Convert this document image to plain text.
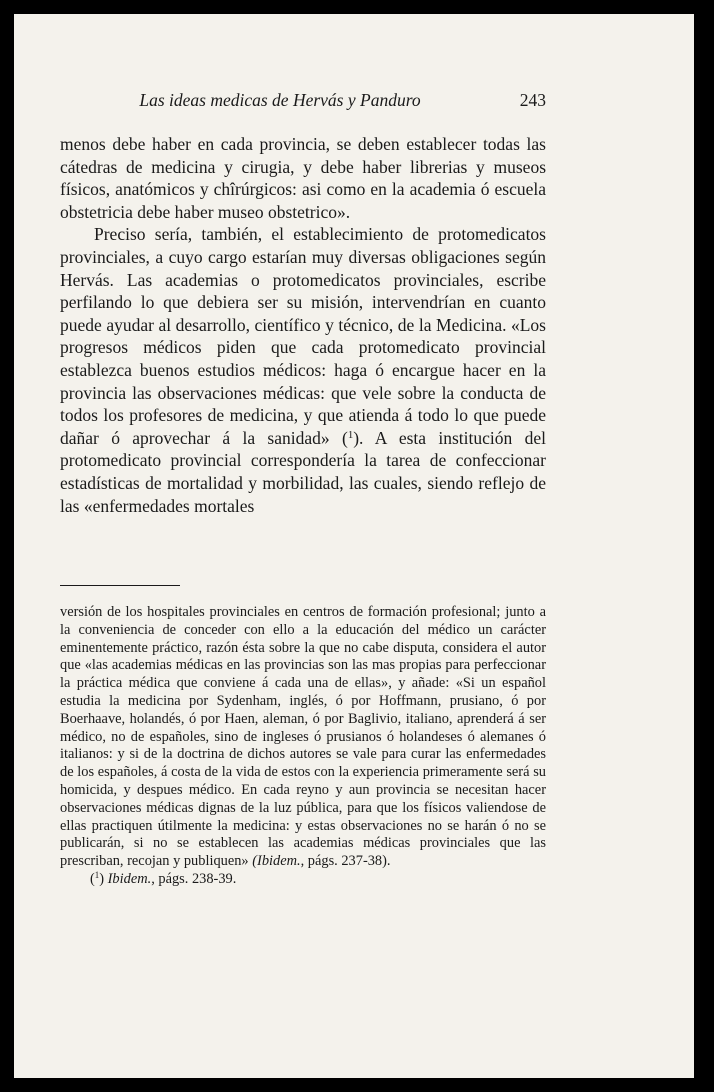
Las ideas medicas de Hervás y Panduro	243

menos debe haber en cada provincia, se deben establecer todas las cátedras de medicina y cirugia, y debe haber librerias y museos físicos, anatómicos y chîrúrgicos: asi como en la academia ó escuela obstetricia debe haber museo obstetrico».

Preciso sería, también, el establecimiento de protomedicatos provinciales, a cuyo cargo estarían muy diversas obligaciones según Hervás. Las academias o protomedicatos provinciales, escribe perfilando lo que debiera ser su misión, intervendrían en cuanto puede ayudar al desarrollo, científico y técnico, de la Medicina. «Los progresos médicos piden que cada protomedicato provincial establezca buenos estudios médicos: haga ó encargue hacer en la provincia las observaciones médicas: que vele sobre la conducta de todos los profesores de medicina, y que atienda á todo lo que puede dañar ó aprovechar á la sanidad» ($^1$). A esta institución del protomedicato provincial correspondería la tarea de confeccionar estadísticas de mortalidad y morbilidad, las cuales, siendo reflejo de las «enfermedades mortales

versión de los hospitales provinciales en centros de formación profesional; junto a la conveniencia de conceder con ello a la educación del médico un carácter eminentemente práctico, razón ésta sobre la que no cabe disputa, considera el autor que «las academias médicas en las provincias son las mas propias para perfeccionar la práctica médica que conviene á cada una de ellas», y añade: «Si un español estudia la medicina por Sydenham, inglés, ó por Hoffmann, prusiano, ó por Boerhaave, holandés, ó por Haen, aleman, ó por Baglivio, italiano, aprenderá á ser médico, no de españoles, sino de ingleses ó prusianos ó holandeses ó alemanes ó italianos: y si de la doctrina de dichos autores se vale para curar las enfermedades de los españoles, á costa de la vida de estos con la experiencia primeramente será su homicida, y despues médico. En cada reyno y aun provincia se necesitan hacer observaciones médicas dignas de la luz pública, para que los físicos valiendose de ellas practiquen útilmente la medicina: y estas observaciones no se harán ó no se publicarán, si no se establecen las academias médicas provinciales que las prescriban, recojan y publiquen» (Ibidem., págs. 237-38).

($^1$) Ibidem., págs. 238-39.
